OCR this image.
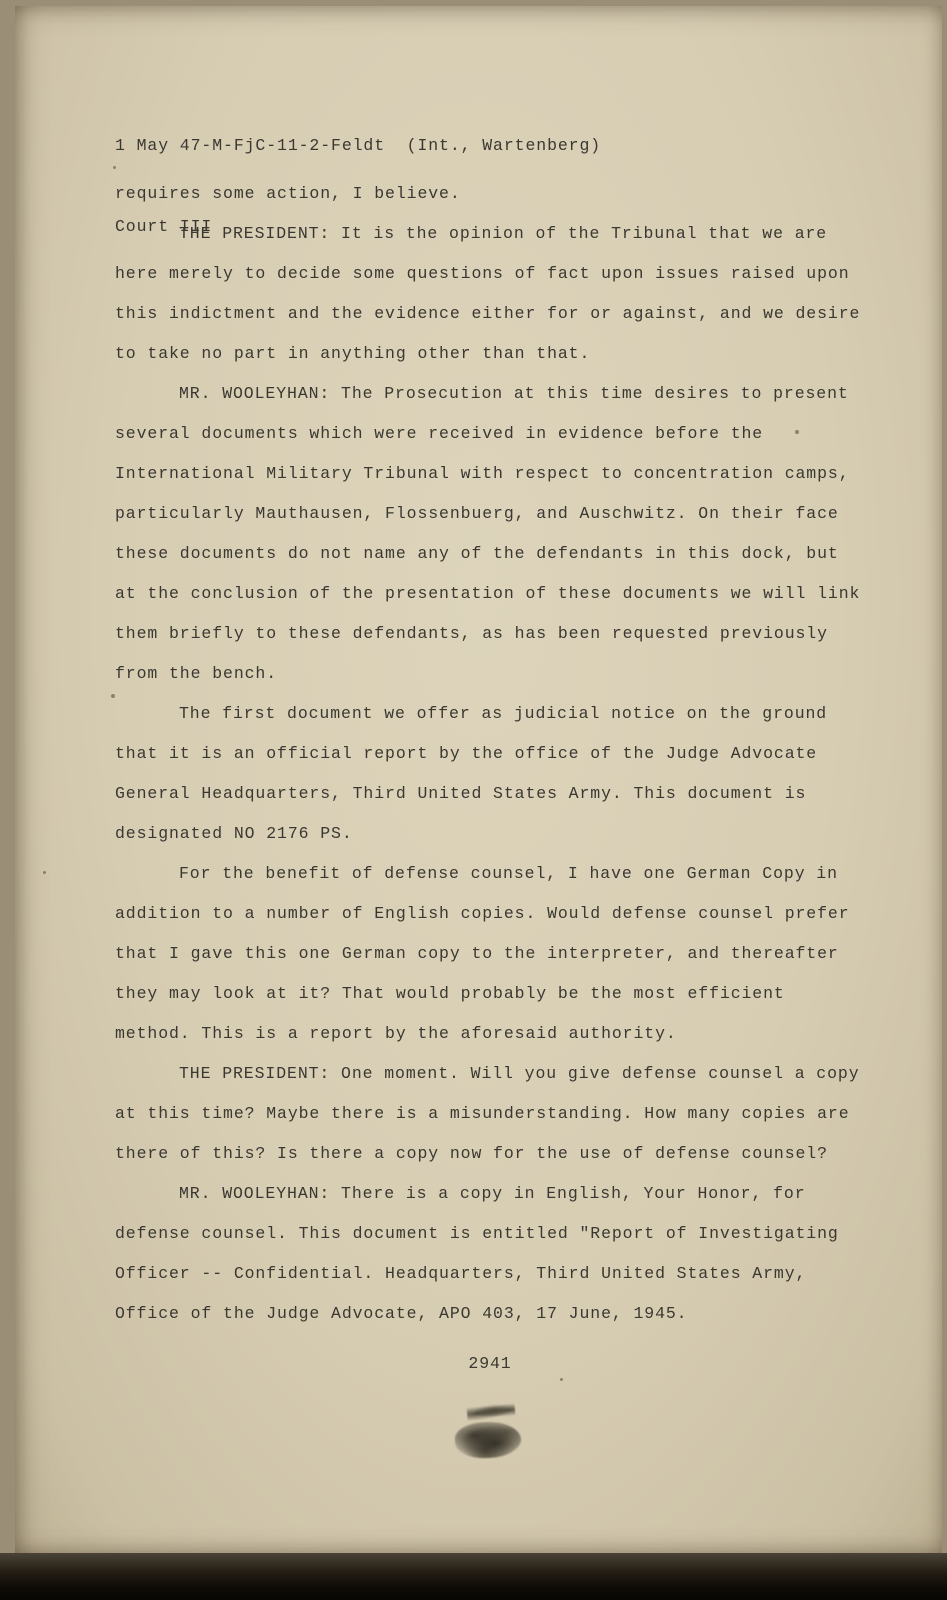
1 May 47-M-FjC-11-2-Feldt  (Int., Wartenberg)

Court III

requires some action, I believe.

THE PRESIDENT: It is the opinion of the Tribunal that we are here merely to decide some questions of fact upon issues raised upon this indictment and the evidence either for or against, and we desire to take no part in anything other than that.

MR. WOOLEYHAN: The Prosecution at this time desires to present several documents which were received in evidence before the International Military Tribunal with respect to concentration camps, particularly Mauthausen, Flossenbuerg, and Auschwitz. On their face these documents do not name any of the defendants in this dock, but at the conclusion of the presentation of these documents we will link them briefly to these defendants, as has been requested previously from the bench.

The first document we offer as judicial notice on the ground that it is an official report by the office of the Judge Advocate General Headquarters, Third United States Army. This document is designated NO 2176 PS.

For the benefit of defense counsel, I have one German Copy in addition to a number of English copies. Would defense counsel prefer that I gave this one German copy to the interpreter, and thereafter they may look at it? That would probably be the most efficient method. This is a report by the aforesaid authority.

THE PRESIDENT: One moment. Will you give defense counsel a copy at this time? Maybe there is a misunderstanding. How many copies are there of this? Is there a copy now for the use of defense counsel?

MR. WOOLEYHAN: There is a copy in English, Your Honor, for defense counsel. This document is entitled "Report of Investigating Officer -- Confidential. Headquarters, Third United States Army, Office of the Judge Advocate, APO 403, 17 June, 1945.

2941
